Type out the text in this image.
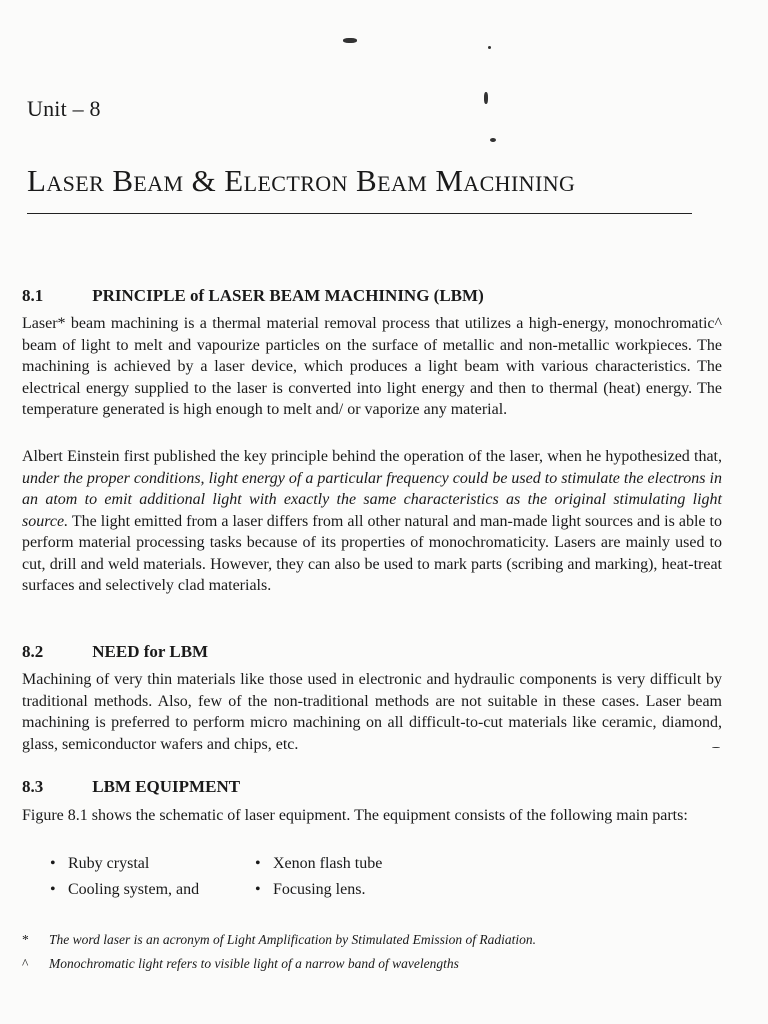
Unit – 8
Laser Beam & Electron Beam Machining
8.1	PRINCIPLE of LASER BEAM MACHINING (LBM)

Laser* beam machining is a thermal material removal process that utilizes a high-energy, monochromatic^ beam of light to melt and vapourize particles on the surface of metallic and non-metallic workpieces. The machining is achieved by a laser device, which produces a light beam with various characteristics. The electrical energy supplied to the laser is converted into light energy and then to thermal (heat) energy. The temperature generated is high enough to melt and/ or vaporize any material.

Albert Einstein first published the key principle behind the operation of the laser, when he hypothesized that, under the proper conditions, light energy of a particular frequency could be used to stimulate the electrons in an atom to emit additional light with exactly the same characteristics as the original stimulating light source. The light emitted from a laser differs from all other natural and man-made light sources and is able to perform material processing tasks because of its properties of monochromaticity. Lasers are mainly used to cut, drill and weld materials. However, they can also be used to mark parts (scribing and marking), heat-treat surfaces and selectively clad materials.

8.2	NEED for LBM

Machining of very thin materials like those used in electronic and hydraulic components is very difficult by traditional methods. Also, few of the non-traditional methods are not suitable in these cases. Laser beam machining is preferred to perform micro machining on all difficult-to-cut materials like ceramic, diamond, glass, semiconductor wafers and chips, etc.

8.3	LBM EQUIPMENT

Figure 8.1 shows the schematic of laser equipment. The equipment consists of the following main parts:

• Ruby crystal	• Xenon flash tube
• Cooling system, and	• Focusing lens.
* The word laser is an acronym of Light Amplification by Stimulated Emission of Radiation.
^ Monochromatic light refers to visible light of a narrow band of wavelengths
